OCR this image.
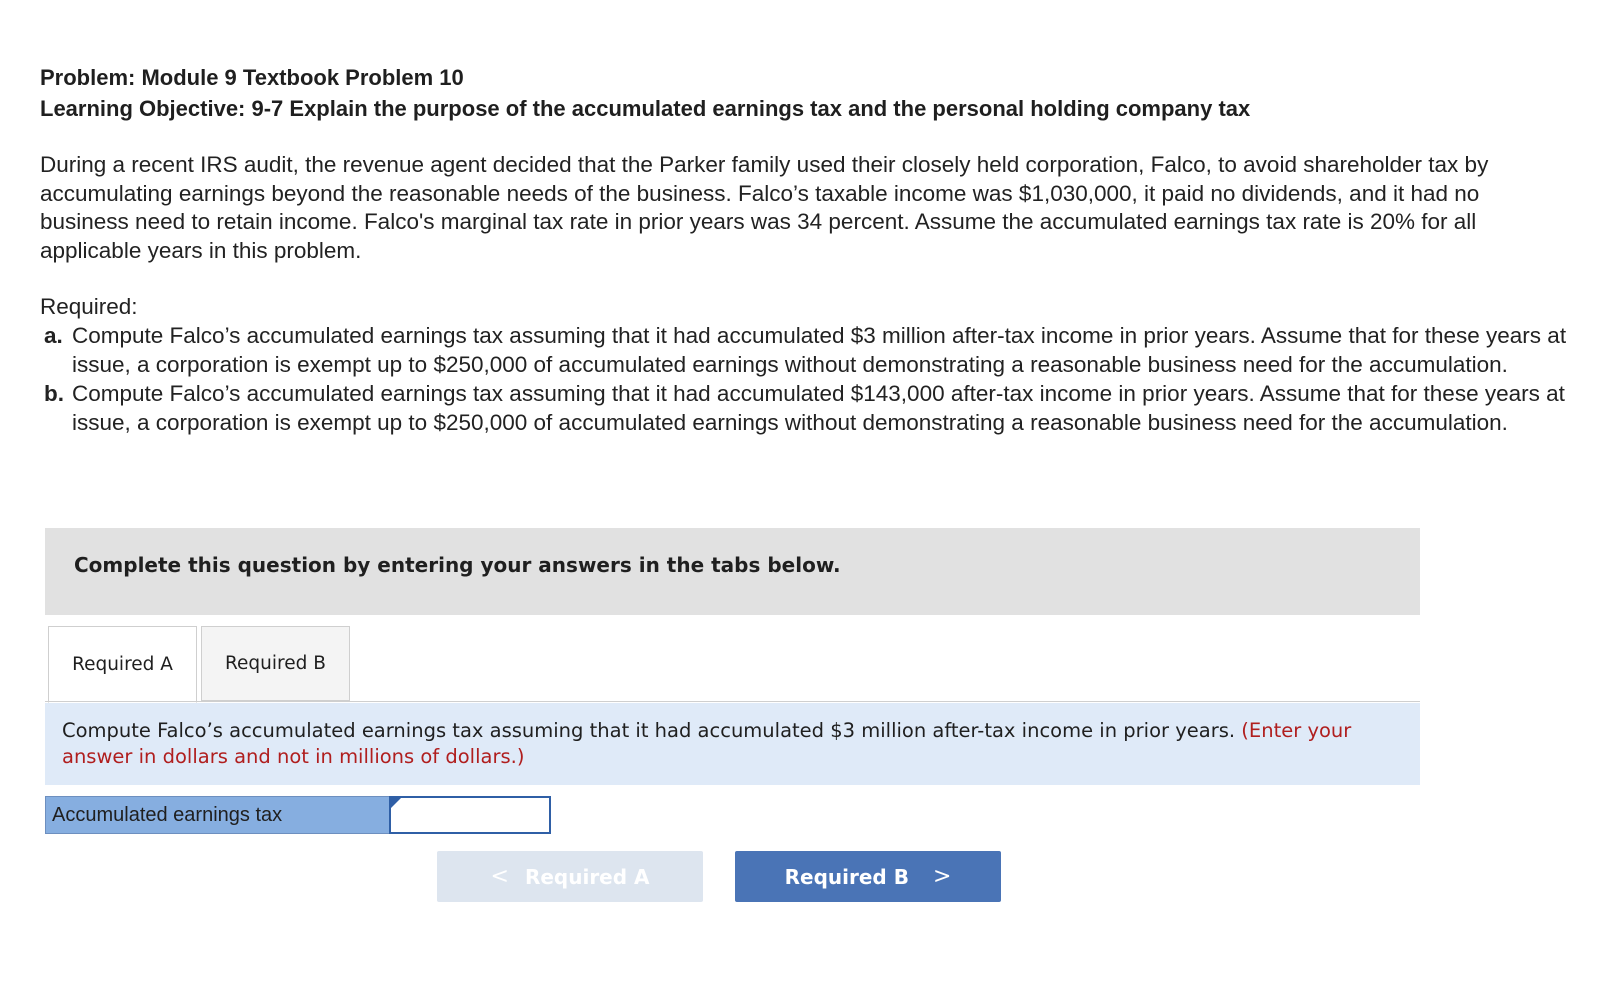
Problem: Module 9 Textbook Problem 10
Learning Objective: 9-7 Explain the purpose of the accumulated earnings tax and the personal holding company tax
During a recent IRS audit, the revenue agent decided that the Parker family used their closely held corporation, Falco, to avoid shareholder tax by accumulating earnings beyond the reasonable needs of the business. Falco’s taxable income was $1,030,000, it paid no dividends, and it had no business need to retain income. Falco's marginal tax rate in prior years was 34 percent. Assume the accumulated earnings tax rate is 20% for all applicable years in this problem.
Required:
a. Compute Falco’s accumulated earnings tax assuming that it had accumulated $3 million after-tax income in prior years. Assume that for these years at issue, a corporation is exempt up to $250,000 of accumulated earnings without demonstrating a reasonable business need for the accumulation.
b. Compute Falco’s accumulated earnings tax assuming that it had accumulated $143,000 after-tax income in prior years. Assume that for these years at issue, a corporation is exempt up to $250,000 of accumulated earnings without demonstrating a reasonable business need for the accumulation.
Complete this question by entering your answers in the tabs below.
Required A	Required B
Compute Falco’s accumulated earnings tax assuming that it had accumulated $3 million after-tax income in prior years. (Enter your answer in dollars and not in millions of dollars.)
Accumulated earnings tax
< Required A	Required B >
